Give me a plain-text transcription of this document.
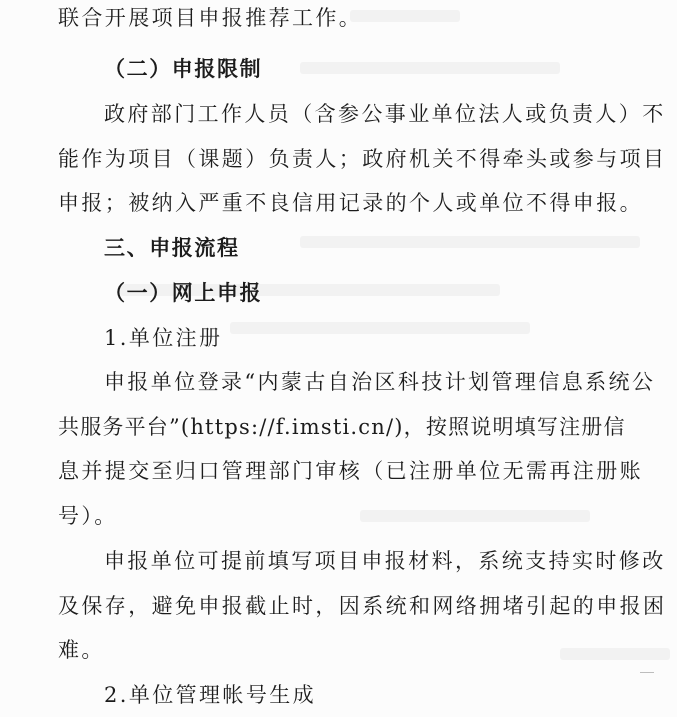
联合开展项目申报推荐工作。
（二）申报限制
政府部门工作人员（含参公事业单位法人或负责人）不
能作为项目（课题）负责人；政府机关不得牵头或参与项目
申报；被纳入严重不良信用记录的个人或单位不得申报。
三、申报流程
（一）网上申报
1.单位注册
申报单位登录“内蒙古自治区科技计划管理信息系统公
共服务平台”(https://f.imsti.cn/)，按照说明填写注册信
息并提交至归口管理部门审核（已注册单位无需再注册账
号）。
申报单位可提前填写项目申报材料，系统支持实时修改
及保存，避免申报截止时，因系统和网络拥堵引起的申报困
难。
2.单位管理帐号生成
